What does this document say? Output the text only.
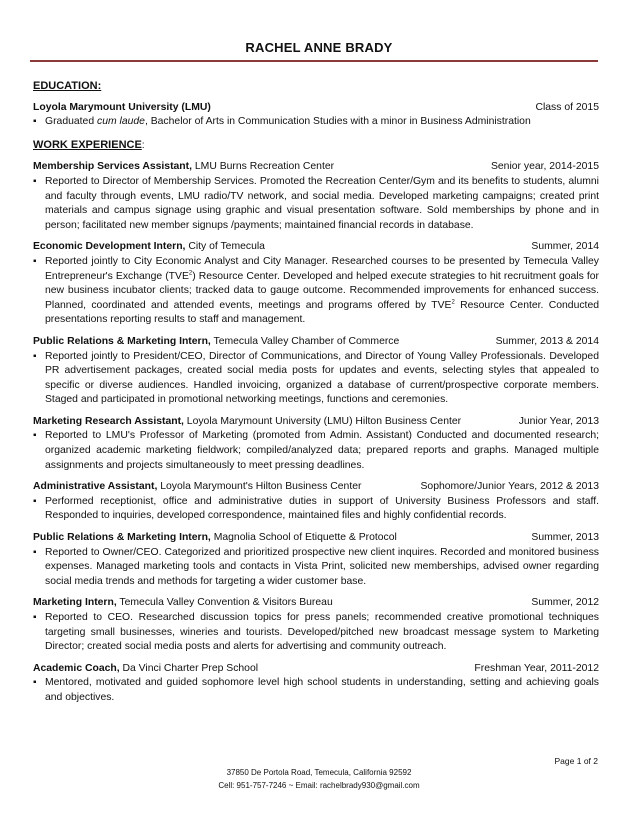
RACHEL ANNE BRADY
EDUCATION:
Loyola Marymount University (LMU)	Class of 2015
▪ Graduated cum laude, Bachelor of Arts in Communication Studies with a minor in Business Administration
WORK EXPERIENCE:
Membership Services Assistant, LMU Burns Recreation Center	Senior year, 2014-2015
▪ Reported to Director of Membership Services. Promoted the Recreation Center/Gym and its benefits to students, alumni and faculty through events, LMU radio/TV network, and social media. Developed marketing campaigns; created print materials and campus signage using graphic and visual presentation software. Sold memberships by phone and in person; facilitated new member signups /payments; maintained financial records in database.
Economic Development Intern, City of Temecula	Summer, 2014
▪ Reported jointly to City Economic Analyst and City Manager. Researched courses to be presented by Temecula Valley Entrepreneur's Exchange (TVE$^2$) Resource Center. Developed and helped execute strategies to hit recruitment goals for new business incubator clients; tracked data to gauge outcome. Recommended improvements for enhanced success. Planned, coordinated and attended events, meetings and programs offered by TVE$^2$ Resource Center. Conducted presentations reporting results to staff and management.
Public Relations & Marketing Intern, Temecula Valley Chamber of Commerce	Summer, 2013 & 2014
▪ Reported jointly to President/CEO, Director of Communications, and Director of Young Valley Professionals. Developed PR advertisement packages, created social media posts for updates and events, selecting styles that appealed to specific or diverse audiences. Handled invoicing, organized a database of current/prospective corporate members. Staged and participated in promotional networking meetings, functions and ceremonies.
Marketing Research Assistant, Loyola Marymount University (LMU) Hilton Business Center	Junior Year, 2013
▪ Reported to LMU's Professor of Marketing (promoted from Admin. Assistant) Conducted and documented research; organized academic marketing fieldwork; compiled/analyzed data; prepared reports and graphs. Managed multiple assignments and projects simultaneously to meet pressing deadlines.
Administrative Assistant, Loyola Marymount's Hilton Business Center	Sophomore/Junior Years, 2012 & 2013
▪ Performed receptionist, office and administrative duties in support of University Business Professors and staff. Responded to inquiries, developed correspondence, maintained files and highly confidential records.
Public Relations & Marketing Intern, Magnolia School of Etiquette & Protocol	Summer, 2013
▪ Reported to Owner/CEO. Categorized and prioritized prospective new client inquires. Recorded and monitored business expenses. Managed marketing tools and contacts in Vista Print, solicited new memberships, advised owner regarding social media trends and methods for targeting a wider customer base.
Marketing Intern, Temecula Valley Convention & Visitors Bureau	Summer, 2012
▪ Reported to CEO. Researched discussion topics for press panels; recommended creative promotional techniques targeting small businesses, wineries and tourists. Developed/pitched new broadcast message system to Marketing Director; created social media posts and alerts for advertising and community outreach.
Academic Coach, Da Vinci Charter Prep School	Freshman Year, 2011-2012
▪ Mentored, motivated and guided sophomore level high school students in understanding, setting and achieving goals and objectives.
Page 1 of 2
37850 De Portola Road, Temecula, California 92592
Cell: 951-757-7246 ~ Email: rachelbrady930@gmail.com
